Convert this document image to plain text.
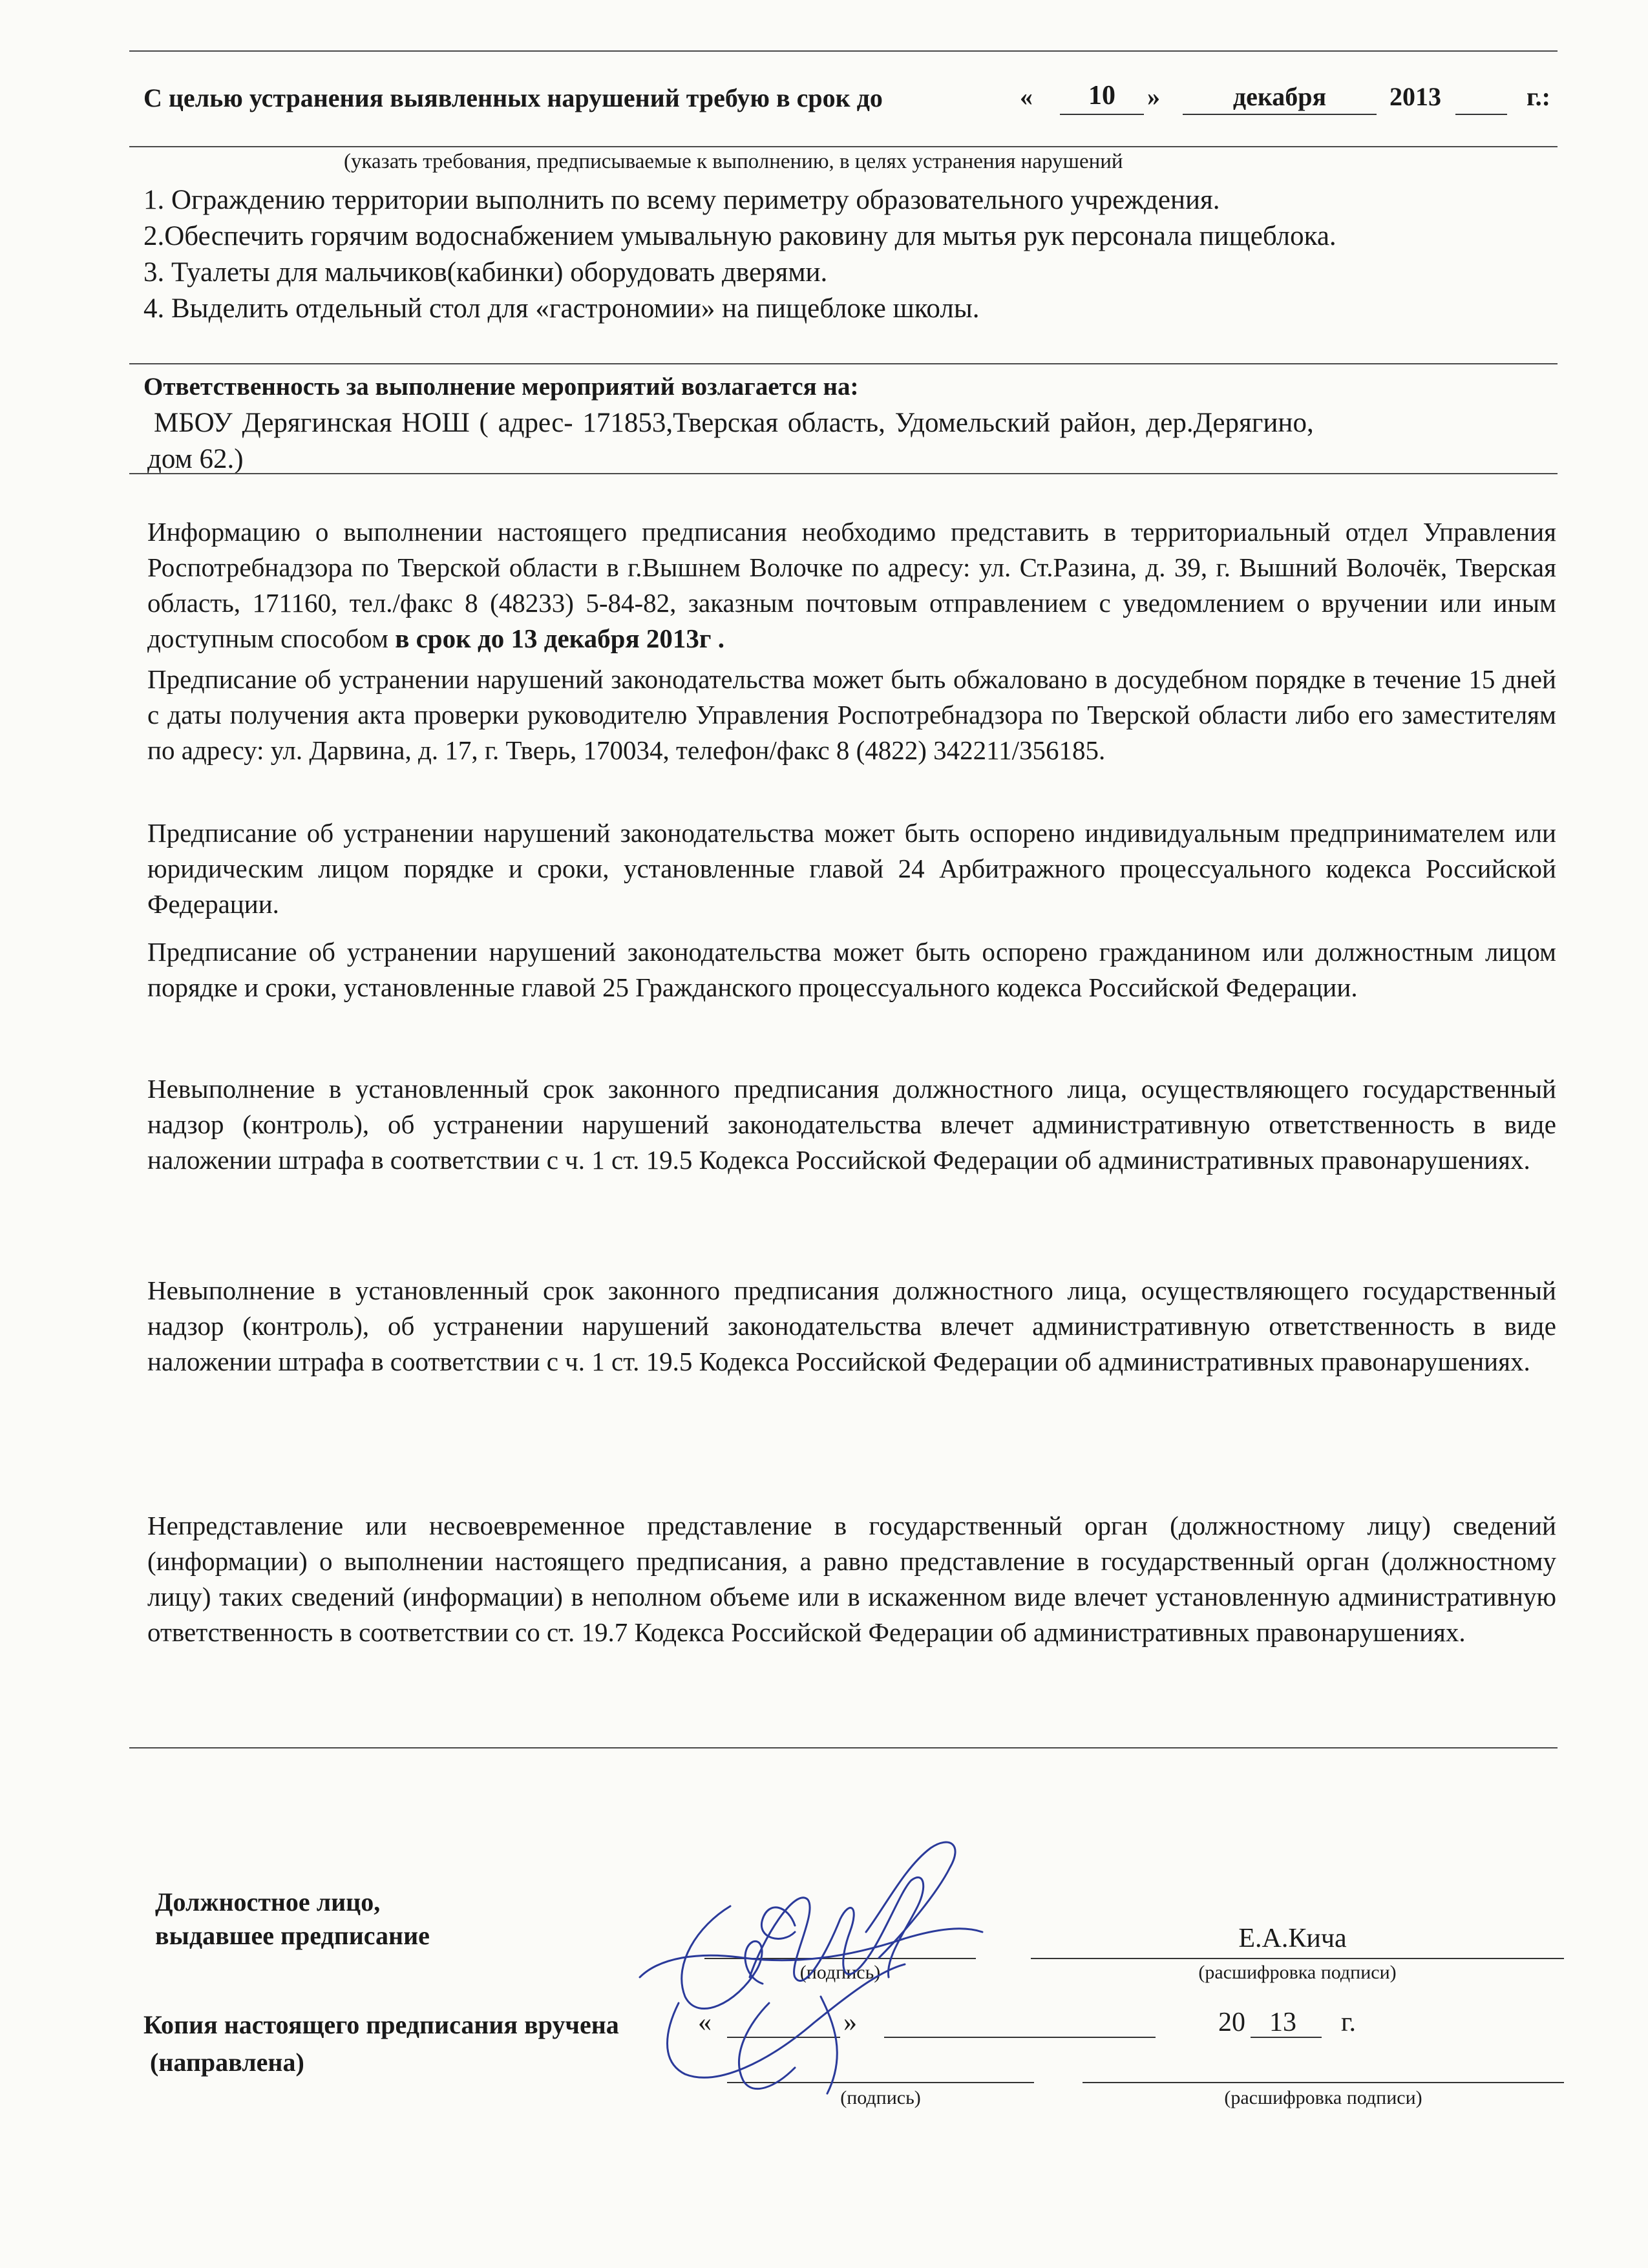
С целью устранения выявленных нарушений требую в срок до	«	10	»	декабря	2013	г.:
(указать требования, предписываемые к выполнению, в целях устранения нарушений
1. Ограждению территории выполнить по всему периметру образовательного учреждения.
2.Обеспечить горячим водоснабжением умывальную раковину для мытья рук персонала пищеблока.
3. Туалеты для мальчиков(кабинки) оборудовать дверями.
4. Выделить отдельный стол для «гастрономии» на пищеблоке школы.
Ответственность за выполнение мероприятий возлагается на:
МБОУ Дерягинская НОШ ( адрес- 171853,Тверская область, Удомельский район, дер.Дерягино,
дом 62.)
Информацию о выполнении настоящего предписания необходимо представить в территориальный отдел Управления Роспотребнадзора по Тверской области в г.Вышнем Волочке по адресу: ул. Ст.Разина, д. 39, г. Вышний Волочёк, Тверская область, 171160, тел./факс 8 (48233) 5-84-82, заказным почтовым отправлением с уведомлением о вручении или иным доступным способом в срок до 13 декабря 2013г .
Предписание об устранении нарушений законодательства может быть обжаловано в досудебном порядке в течение 15 дней с даты получения акта проверки руководителю Управления Роспотребнадзора по Тверской области либо его заместителям по адресу: ул. Дарвина, д. 17, г. Тверь, 170034, телефон/факс 8 (4822) 342211/356185.
Предписание об устранении нарушений законодательства может быть оспорено индивидуальным предпринимателем или юридическим лицом порядке и сроки, установленные главой 24 Арбитражного процессуального кодекса Российской Федерации.
Предписание об устранении нарушений законодательства может быть оспорено гражданином или должностным лицом порядке и сроки, установленные главой 25 Гражданского процессуального кодекса Российской Федерации.
Невыполнение в установленный срок законного предписания должностного лица, осуществляющего государственный надзор (контроль), об устранении нарушений законодательства влечет административную ответственность в виде наложении штрафа в соответствии с ч. 1 ст. 19.5 Кодекса Российской Федерации об административных правонарушениях.
Невыполнение в установленный срок законного предписания должностного лица, осуществляющего государственный надзор (контроль), об устранении нарушений законодательства влечет административную ответственность в виде наложении штрафа в соответствии с ч. 1 ст. 19.5 Кодекса Российской Федерации об административных правонарушениях.
Непредставление или несвоевременное представление в государственный орган (должностному лицу) сведений (информации) о выполнении настоящего предписания, а равно представление в государственный орган (должностному лицу) таких сведений (информации) в неполном объеме или в искаженном виде влечет установленную административную ответственность в соответствии со ст. 19.7 Кодекса Российской Федерации об административных правонарушениях.
Должностное лицо,
выдавшее предписание
(подпись)
Е.А.Кича
(расшифровка подписи)
Копия настоящего предписания вручена
(направлена)
«	»	20 13	г.
(подпись)	(расшифровка подписи)
